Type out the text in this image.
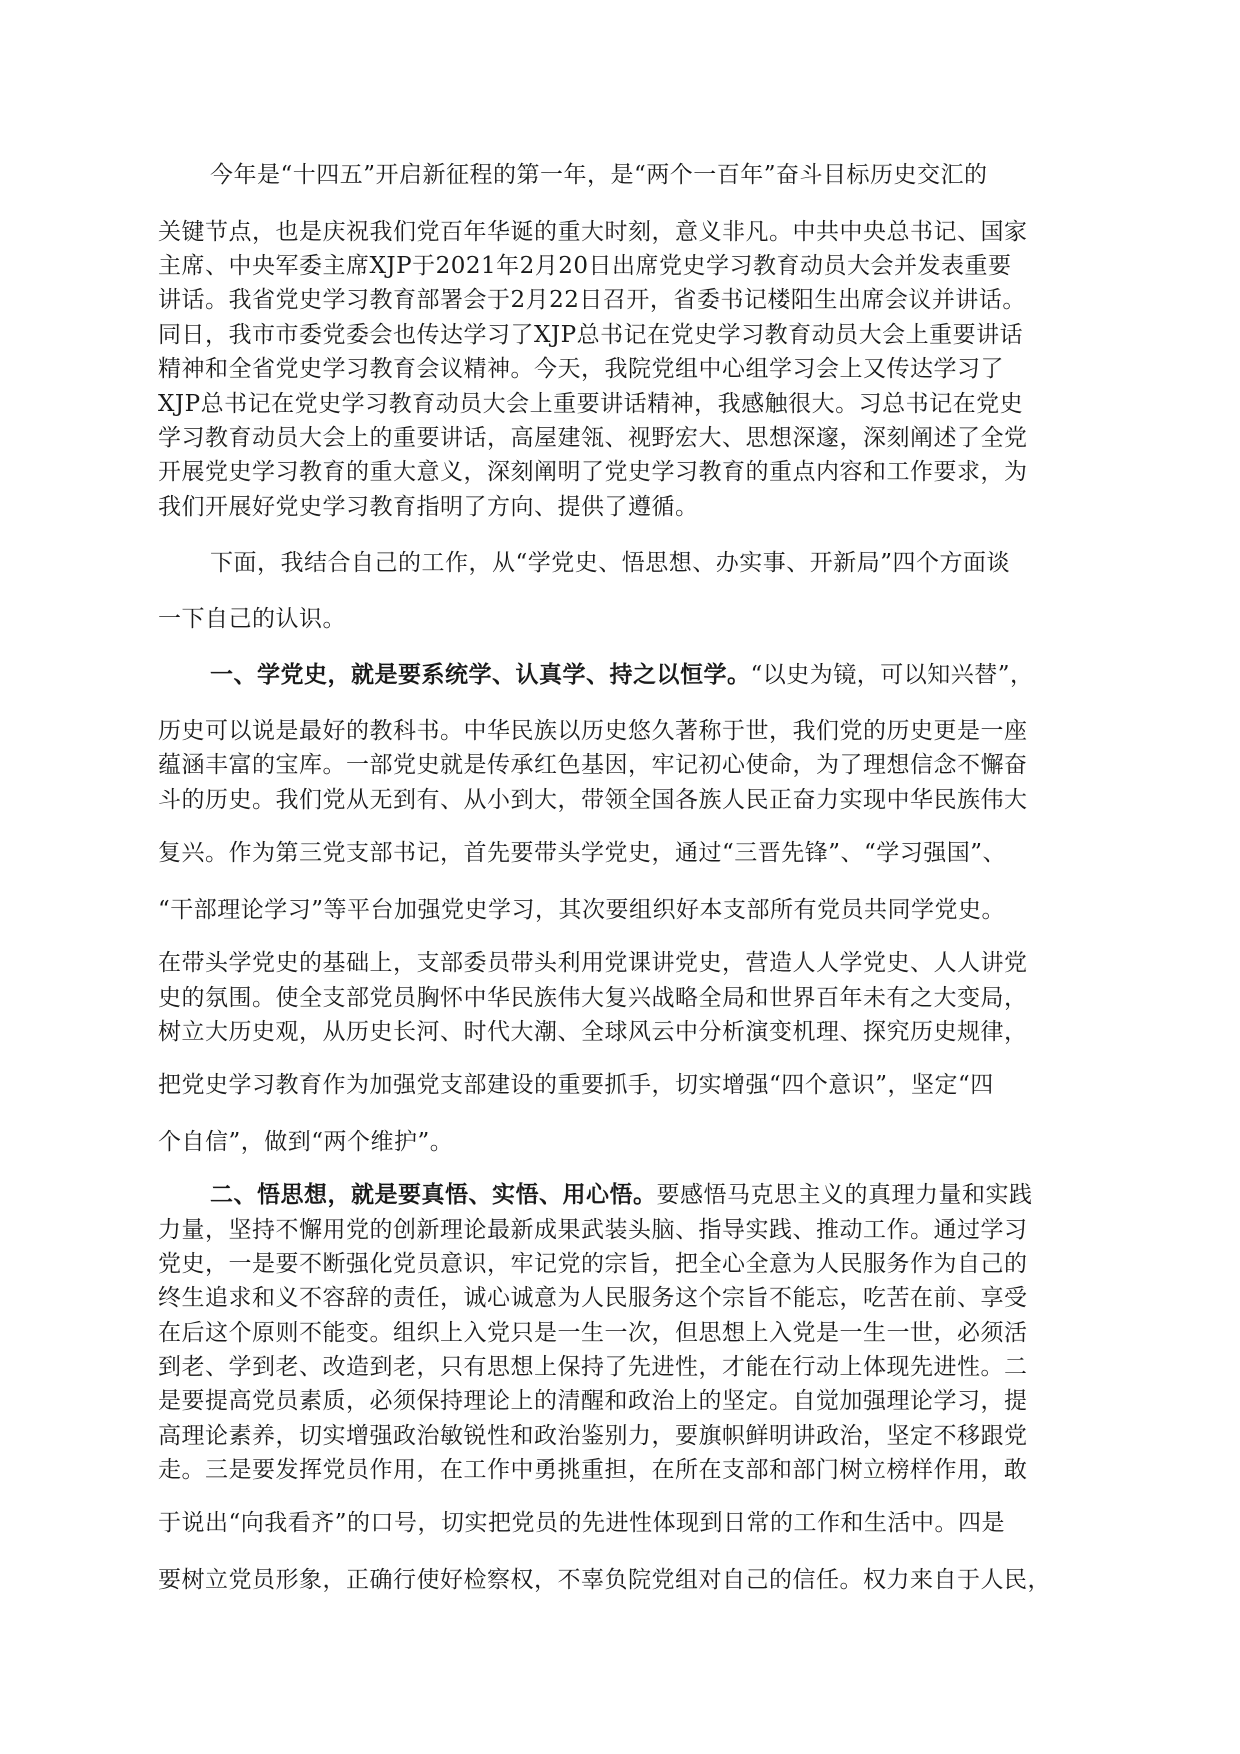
今年是“十四五”开启新征程的第一年，是“两个一百年”奋斗目标历史交汇的
关键节点，也是庆祝我们党百年华诞的重大时刻，意义非凡。中共中央总书记、国家
主席、中央军委主席XJP于2021年2月20日出席党史学习教育动员大会并发表重要
讲话。我省党史学习教育部署会于2月22日召开，省委书记楼阳生出席会议并讲话。
同日，我市市委党委会也传达学习了XJP总书记在党史学习教育动员大会上重要讲话
精神和全省党史学习教育会议精神。今天，我院党组中心组学习会上又传达学习了
XJP总书记在党史学习教育动员大会上重要讲话精神，我感触很大。习总书记在党史
学习教育动员大会上的重要讲话，高屋建瓴、视野宏大、思想深邃，深刻阐述了全党
开展党史学习教育的重大意义，深刻阐明了党史学习教育的重点内容和工作要求，为
我们开展好党史学习教育指明了方向、提供了遵循。
下面，我结合自己的工作，从“学党史、悟思想、办实事、开新局”四个方面谈
一下自己的认识。
一、学党史，就是要系统学、认真学、持之以恒学。“以史为镜，可以知兴替”，
历史可以说是最好的教科书。中华民族以历史悠久著称于世，我们党的历史更是一座
蕴涵丰富的宝库。一部党史就是传承红色基因，牢记初心使命，为了理想信念不懈奋
斗的历史。我们党从无到有、从小到大，带领全国各族人民正奋力实现中华民族伟大
复兴。作为第三党支部书记，首先要带头学党史，通过“三晋先锋”、“学习强国”、
“干部理论学习”等平台加强党史学习，其次要组织好本支部所有党员共同学党史。
在带头学党史的基础上，支部委员带头利用党课讲党史，营造人人学党史、人人讲党
史的氛围。使全支部党员胸怀中华民族伟大复兴战略全局和世界百年未有之大变局，
树立大历史观，从历史长河、时代大潮、全球风云中分析演变机理、探究历史规律，
把党史学习教育作为加强党支部建设的重要抓手，切实增强“四个意识”，坚定“四
个自信”，做到“两个维护”。
二、悟思想，就是要真悟、实悟、用心悟。要感悟马克思主义的真理力量和实践
力量，坚持不懈用党的创新理论最新成果武装头脑、指导实践、推动工作。通过学习
党史，一是要不断强化党员意识，牢记党的宗旨，把全心全意为人民服务作为自己的
终生追求和义不容辞的责任，诚心诚意为人民服务这个宗旨不能忘，吃苦在前、享受
在后这个原则不能变。组织上入党只是一生一次，但思想上入党是一生一世，必须活
到老、学到老、改造到老，只有思想上保持了先进性，才能在行动上体现先进性。二
是要提高党员素质，必须保持理论上的清醒和政治上的坚定。自觉加强理论学习，提
高理论素养，切实增强政治敏锐性和政治鉴别力，要旗帜鲜明讲政治，坚定不移跟党
走。三是要发挥党员作用，在工作中勇挑重担，在所在支部和部门树立榜样作用，敢
于说出“向我看齐”的口号，切实把党员的先进性体现到日常的工作和生活中。四是
要树立党员形象，正确行使好检察权，不辜负院党组对自己的信任。权力来自于人民，
